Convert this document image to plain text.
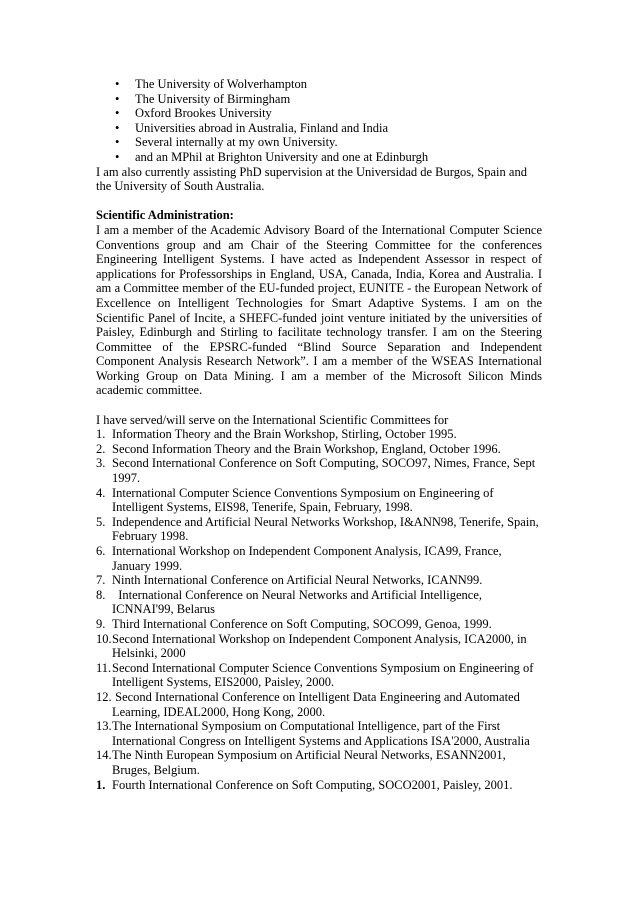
• The University of Wolverhampton
• The University of Birmingham
• Oxford Brookes University
• Universities abroad in Australia, Finland and India
• Several internally at my own University.
• and an MPhil at Brighton University and one at Edinburgh

I am also currently assisting PhD supervision at the Universidad de Burgos, Spain and the University of South Australia.

Scientific Administration:

I am a member of the Academic Advisory Board of the International Computer Science Conventions group and am Chair of the Steering Committee for the conferences Engineering Intelligent Systems. I have acted as Independent Assessor in respect of applications for Professorships in England, USA, Canada, India, Korea and Australia. I am a Committee member of the EU-funded project, EUNITE - the European Network of Excellence on Intelligent Technologies for Smart Adaptive Systems. I am on the Scientific Panel of Incite, a SHEFC-funded joint venture initiated by the universities of Paisley, Edinburgh and Stirling to facilitate technology transfer. I am on the Steering Committee of the EPSRC-funded “Blind Source Separation and Independent Component Analysis Research Network”. I am a member of the WSEAS International Working Group on Data Mining. I am a member of the Microsoft Silicon Minds academic committee.

I have served/will serve on the International Scientific Committees for

1. Information Theory and the Brain Workshop, Stirling, October 1995.
2. Second Information Theory and the Brain Workshop, England, October 1996.
3. Second International Conference on Soft Computing, SOCO97, Nimes, France, Sept 1997.
4. International Computer Science Conventions Symposium on Engineering of Intelligent Systems, EIS98, Tenerife, Spain, February, 1998.
5. Independence and Artificial Neural Networks Workshop, I&ANN98, Tenerife, Spain, February 1998.
6. International Workshop on Independent Component Analysis, ICA99, France, January 1999.
7. Ninth International Conference on Artificial Neural Networks, ICANN99.
8. International Conference on Neural Networks and Artificial Intelligence, ICNNAI'99, Belarus
9. Third International Conference on Soft Computing, SOCO99, Genoa, 1999.
10. Second International Workshop on Independent Component Analysis, ICA2000, in Helsinki, 2000
11. Second International Computer Science Conventions Symposium on Engineering of Intelligent Systems, EIS2000, Paisley, 2000.
12. Second International Conference on Intelligent Data Engineering and Automated Learning, IDEAL2000, Hong Kong, 2000.
13. The International Symposium on Computational Intelligence, part of the First International Congress on Intelligent Systems and Applications ISA'2000, Australia
14. The Ninth European Symposium on Artificial Neural Networks, ESANN2001, Bruges, Belgium.
1. Fourth International Conference on Soft Computing, SOCO2001, Paisley, 2001.
